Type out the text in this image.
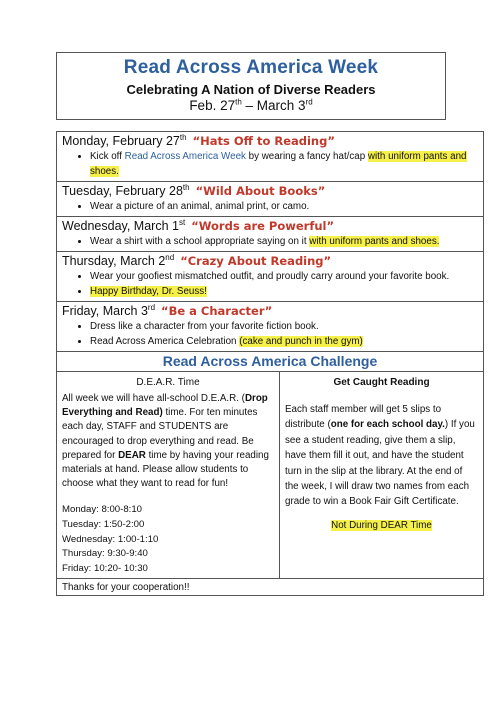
Read Across America Week
Celebrating A Nation of Diverse Readers
Feb. 27th – March 3rd
Monday, February 27th “Hats Off to Reading”
• Kick off Read Across America Week by wearing a fancy hat/cap with uniform pants and shoes.
Tuesday, February 28th “Wild About Books”
• Wear a picture of an animal, animal print, or camo.
Wednesday, March 1st “Words are Powerful”
• Wear a shirt with a school appropriate saying on it with uniform pants and shoes.
Thursday, March 2nd “Crazy About Reading”
• Wear your goofiest mismatched outfit, and proudly carry around your favorite book.
• Happy Birthday, Dr. Seuss!
Friday, March 3rd “Be a Character”
• Dress like a character from your favorite fiction book.
• Read Across America Celebration (cake and punch in the gym)
Read Across America Challenge
D.E.A.R. Time
All week we will have all-school D.E.A.R. (Drop Everything and Read) time. For ten minutes each day, STAFF and STUDENTS are encouraged to drop everything and read. Be prepared for DEAR time by having your reading materials at hand. Please allow students to choose what they want to read for fun!
Monday: 8:00-8:10
Tuesday: 1:50-2:00
Wednesday: 1:00-1:10
Thursday: 9:30-9:40
Friday: 10:20- 10:30
Get Caught Reading
Each staff member will get 5 slips to distribute (one for each school day.) If you see a student reading, give them a slip, have them fill it out, and have the student turn in the slip at the library. At the end of the week, I will draw two names from each grade to win a Book Fair Gift Certificate.
Not During DEAR Time
Thanks for your cooperation!!
